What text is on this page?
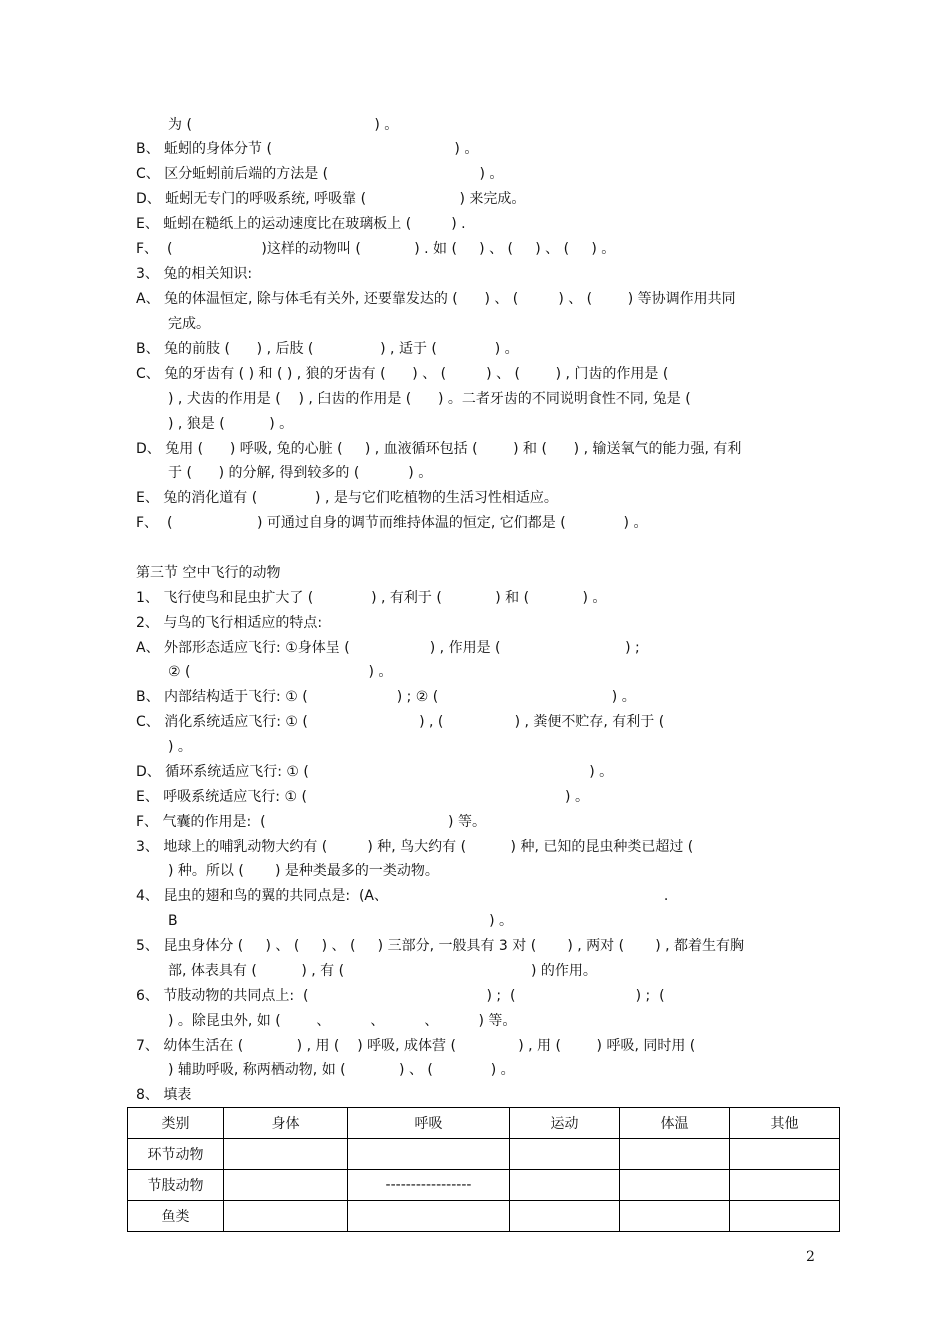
为 (                                         ) 。
B、 蚯蚓的身体分节 (                                         ) 。
C、 区分蚯蚓前后端的方法是 (                                  ) 。
D、 蚯蚓无专门的呼吸系统, 呼吸靠 (                     ) 来完成。
E、 蚯蚓在糙纸上的运动速度比在玻璃板上 (         ) .
F、  (                    )这样的动物叫 (            ) . 如 (     ) 、 (     ) 、 (     ) 。
3、 兔的相关知识:
A、 兔的体温恒定, 除与体毛有关外, 还要靠发达的 (      ) 、 (         ) 、 (        ) 等协调作用共同
完成。
B、 兔的前肢 (      ) , 后肢 (               ) , 适于 (             ) 。
C、 兔的牙齿有 ( ) 和 ( ) , 狼的牙齿有 (      ) 、 (         ) 、 (        ) , 门齿的作用是 (
) , 犬齿的作用是 (    ) , 臼齿的作用是 (      ) 。二者牙齿的不同说明食性不同, 兔是 (
) , 狼是 (          ) 。
D、 兔用 (      ) 呼吸, 兔的心脏 (     ) , 血液循环包括 (        ) 和 (      ) , 输送氧气的能力强, 有利
于 (      ) 的分解, 得到较多的 (           ) 。
E、 兔的消化道有 (             ) , 是与它们吃植物的生活习性相适应。
F、  (                   ) 可通过自身的调节而维持体温的恒定, 它们都是 (             ) 。
第三节 空中飞行的动物
1、 飞行使鸟和昆虫扩大了 (             ) , 有利于 (            ) 和 (            ) 。
2、 与鸟的飞行相适应的特点:
A、 外部形态适应飞行: ①身体呈 (                  ) , 作用是 (                            ) ;
② (                                        ) 。
B、 内部结构适于飞行: ① (                    ) ; ② (                                       ) 。
C、 消化系统适应飞行: ① (                         ) , (                ) , 粪便不贮存, 有利于 (
) 。
D、 循环系统适应飞行: ① (                                                               ) 。
E、 呼吸系统适应飞行: ① (                                                          ) 。
F、 气囊的作用是:  (                                         ) 等。
3、 地球上的哺乳动物大约有 (         ) 种, 鸟大约有 (          ) 种, 已知的昆虫种类已超过 (
) 种。所以 (       ) 是种类最多的一类动物。
4、 昆虫的翅和鸟的翼的共同点是:  (A、                                                              .
B                                                                      ) 。
5、 昆虫身体分 (     ) 、 (     ) 、 (     ) 三部分, 一般具有 3 对 (       ) , 两对 (       ) , 都着生有胸
部, 体表具有 (          ) , 有 (                                          ) 的作用。
6、 节肢动物的共同点上:  (                                        ) ;  (                           ) ;  (
) 。除昆虫外, 如 (        、         、         、         ) 等。
7、 幼体生活在 (            ) , 用 (    ) 呼吸, 成体营 (              ) , 用 (        ) 呼吸, 同时用 (
) 辅助呼吸, 称两栖动物, 如 (            ) 、 (             ) 。
8、 填表
类别	身体	呼吸	运动	体温	其他
环节动物					
节肢动物		-----------------			
鱼类					
2
